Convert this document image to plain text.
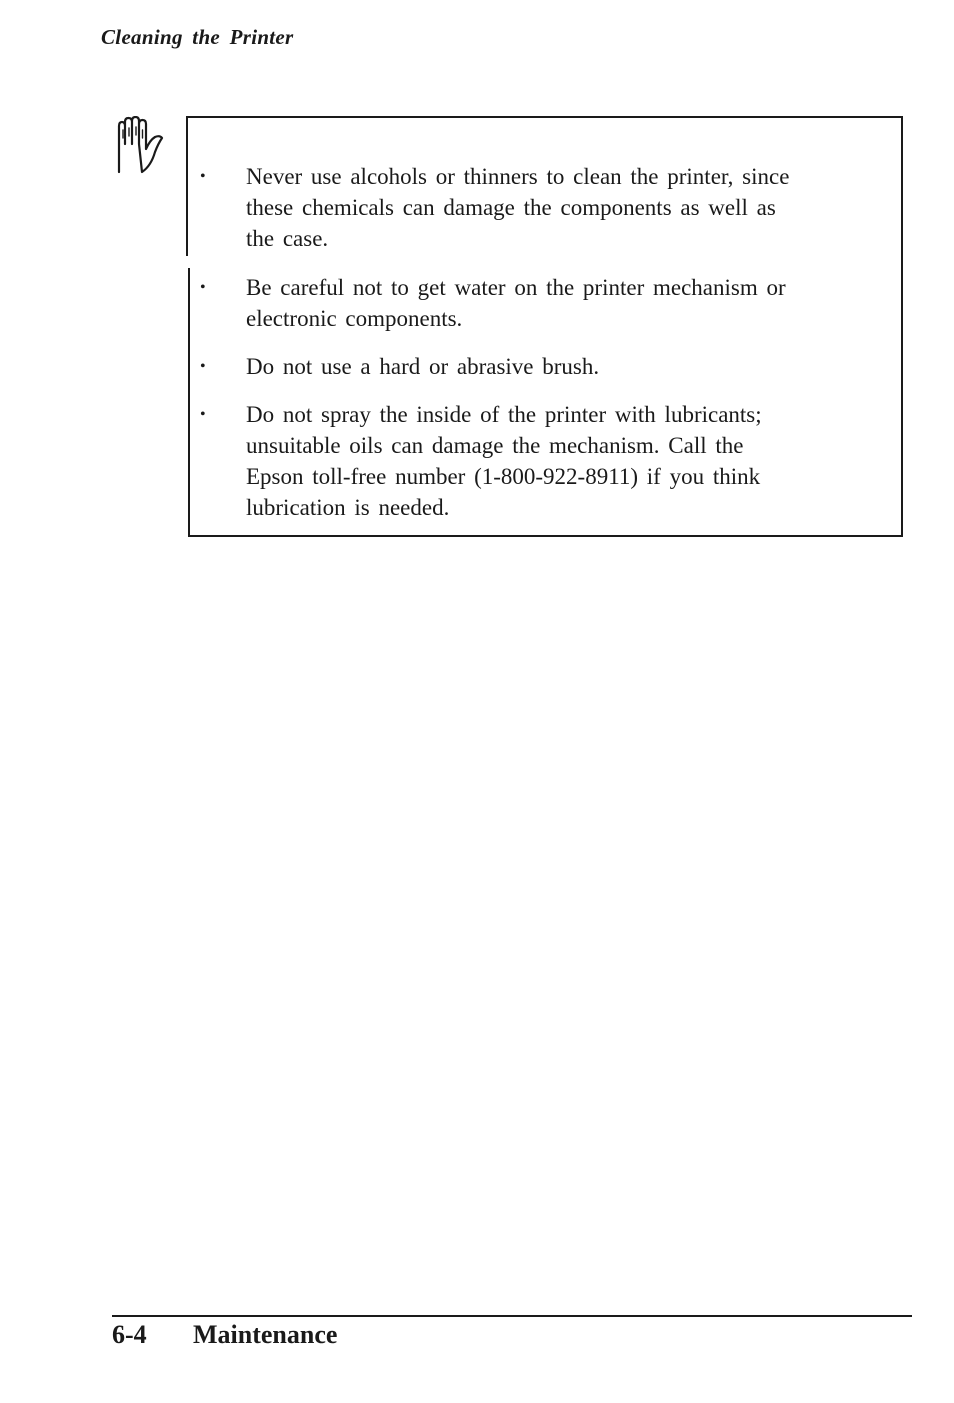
Cleaning the Printer
• Never use alcohols or thinners to clean the printer, since
these chemicals can damage the components as well as
the case.
• Be careful not to get water on the printer mechanism or
electronic components.
• Do not use a hard or abrasive brush.
• Do not spray the inside of the printer with lubricants;
unsuitable oils can damage the mechanism. Call the
Epson toll-free number (1-800-922-8911) if you think
lubrication is needed.
6-4 Maintenance
